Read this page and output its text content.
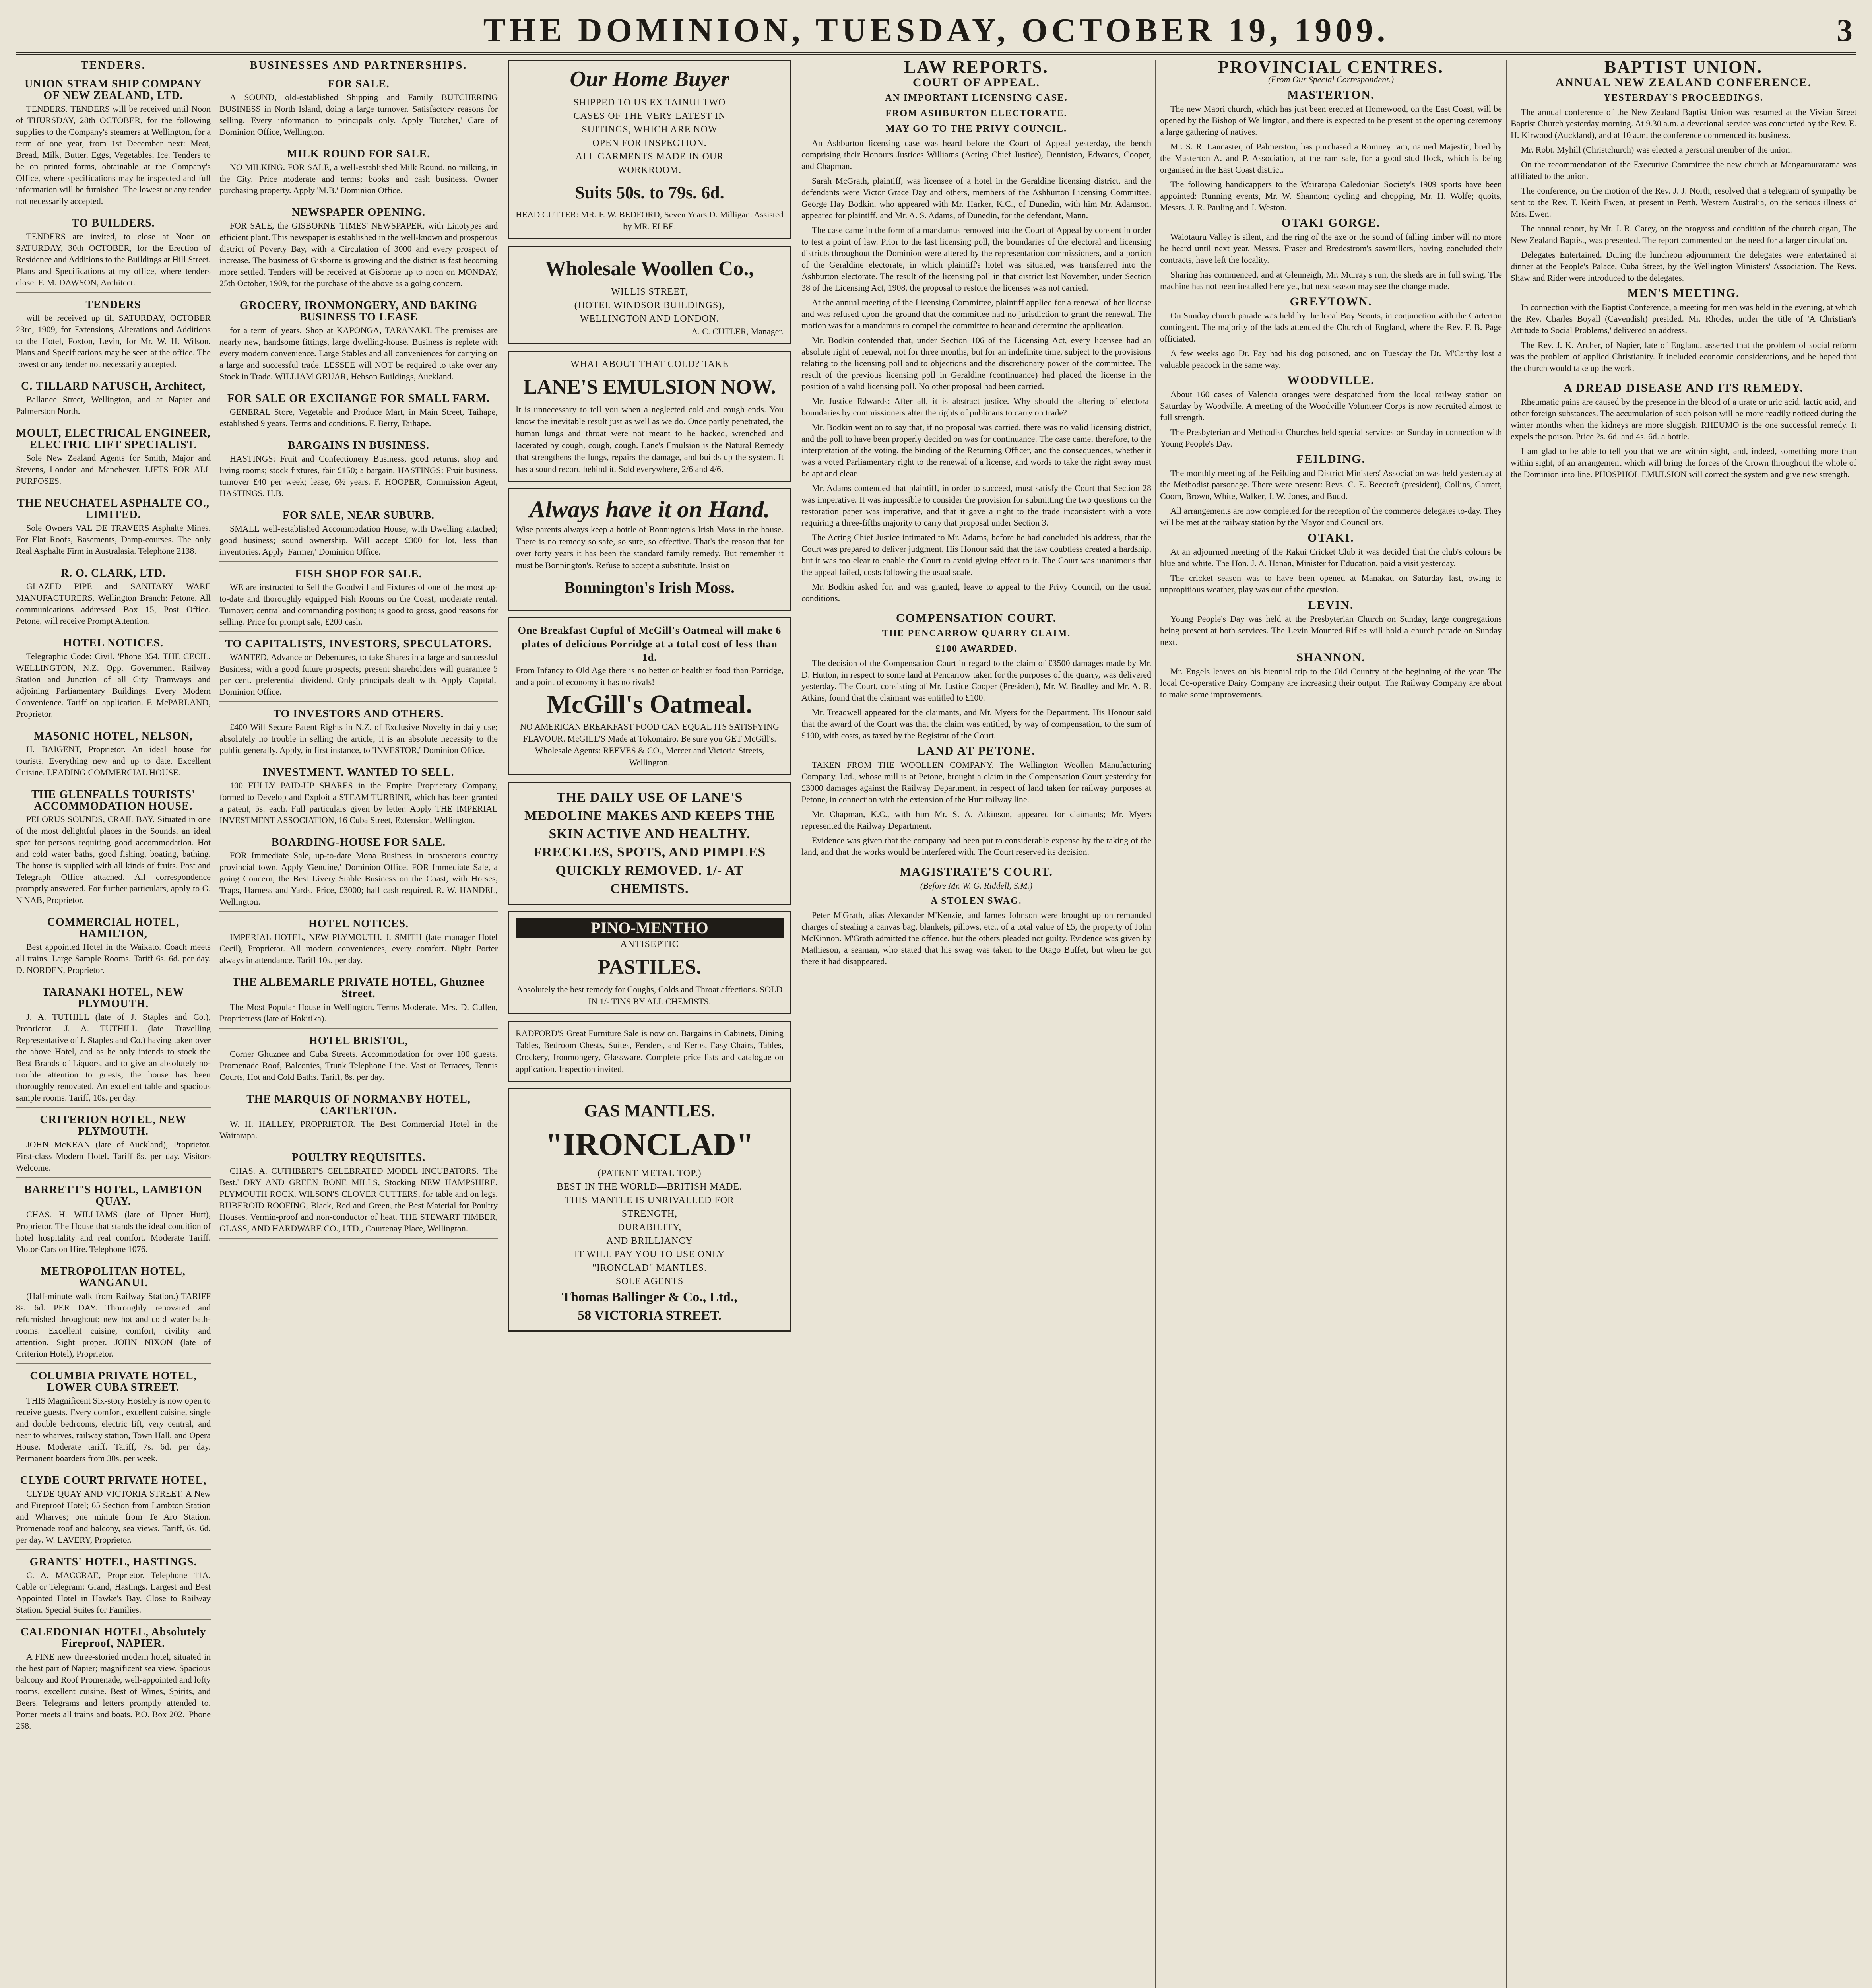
THE DOMINION, TUESDAY, OCTOBER 19, 1909.	3
TENDERS.
UNION STEAM SHIP COMPANY OF NEW ZEALAND, LTD.

TENDERS. TENDERS will be received until Noon of THURSDAY, 28th OCTOBER, for the following supplies to the Company's steamers at Wellington, for a term of one year, from 1st December next: Meat, Bread, Milk, Butter, Eggs, Vegetables, Ice. Tenders to be on printed forms, obtainable at the Company's Office, where specifications may be inspected and full information will be furnished. The lowest or any tender not necessarily accepted.

TO BUILDERS.

TENDERS are invited, to close at Noon on SATURDAY, 30th OCTOBER, for the Erection of Residence and Additions to the Buildings at Hill Street. Plans and Specifications at my office, where tenders close. F. M. DAWSON, Architect.

TENDERS

will be received up till SATURDAY, OCTOBER 23rd, 1909, for Extensions, Alterations and Additions to the Hotel, Foxton, Levin, for Mr. W. H. Wilson. Plans and Specifications may be seen at the office. The lowest or any tender not necessarily accepted.

C. TILLARD NATUSCH, Architect,

Ballance Street, Wellington, and at Napier and Palmerston North.

MOULT, ELECTRICAL ENGINEER, ELECTRIC LIFT SPECIALIST.

Sole New Zealand Agents for Smith, Major and Stevens, London and Manchester. LIFTS FOR ALL PURPOSES.

THE NEUCHATEL ASPHALTE CO., LIMITED.

Sole Owners VAL DE TRAVERS Asphalte Mines. For Flat Roofs, Basements, Damp-courses. The only Real Asphalte Firm in Australasia. Telephone 2138.

R. O. CLARK, LTD.

GLAZED PIPE and SANITARY WARE MANUFACTURERS. Wellington Branch: Petone. All communications addressed Box 15, Post Office, Petone, will receive Prompt Attention.

HOTEL NOTICES.

Telegraphic Code: Civil. 'Phone 354. THE CECIL, WELLINGTON, N.Z. Opp. Government Railway Station and Junction of all City Tramways and adjoining Parliamentary Buildings. Every Modern Convenience. Tariff on application. F. McPARLAND, Proprietor.

MASONIC HOTEL, NELSON,

H. BAIGENT, Proprietor. An ideal house for tourists. Everything new and up to date. Excellent Cuisine. LEADING COMMERCIAL HOUSE.

THE GLENFALLS TOURISTS' ACCOMMODATION HOUSE.

PELORUS SOUNDS, CRAIL BAY. Situated in one of the most delightful places in the Sounds, an ideal spot for persons requiring good accommodation. Hot and cold water baths, good fishing, boating, bathing. The house is supplied with all kinds of fruits. Post and Telegraph Office attached. All correspondence promptly answered. For further particulars, apply to G. N'NAB, Proprietor.

COMMERCIAL HOTEL, HAMILTON,

Best appointed Hotel in the Waikato. Coach meets all trains. Large Sample Rooms. Tariff 6s. 6d. per day. D. NORDEN, Proprietor.

TARANAKI HOTEL, NEW PLYMOUTH.

J. A. TUTHILL (late of J. Staples and Co.), Proprietor. J. A. TUTHILL (late Travelling Representative of J. Staples and Co.) having taken over the above Hotel, and as he only intends to stock the Best Brands of Liquors, and to give an absolutely no-trouble attention to guests, the house has been thoroughly renovated. An excellent table and spacious sample rooms. Tariff, 10s. per day.

CRITERION HOTEL, NEW PLYMOUTH.

JOHN McKEAN (late of Auckland), Proprietor. First-class Modern Hotel. Tariff 8s. per day. Visitors Welcome.

BARRETT'S HOTEL, LAMBTON QUAY.

CHAS. H. WILLIAMS (late of Upper Hutt), Proprietor. The House that stands the ideal condition of hotel hospitality and real comfort. Moderate Tariff. Motor-Cars on Hire. Telephone 1076.

METROPOLITAN HOTEL, WANGANUI.

(Half-minute walk from Railway Station.) TARIFF 8s. 6d. PER DAY. Thoroughly renovated and refurnished throughout; new hot and cold water bath-rooms. Excellent cuisine, comfort, civility and attention. Sight proper. JOHN NIXON (late of Criterion Hotel), Proprietor.

COLUMBIA PRIVATE HOTEL, LOWER CUBA STREET.

THIS Magnificent Six-story Hostelry is now open to receive guests. Every comfort, excellent cuisine, single and double bedrooms, electric lift, very central, and near to wharves, railway station, Town Hall, and Opera House. Moderate tariff. Tariff, 7s. 6d. per day. Permanent boarders from 30s. per week.

CLYDE COURT PRIVATE HOTEL,

CLYDE QUAY AND VICTORIA STREET. A New and Fireproof Hotel; 65 Section from Lambton Station and Wharves; one minute from Te Aro Station. Promenade roof and balcony, sea views. Tariff, 6s. 6d. per day. W. LAVERY, Proprietor.

GRANTS' HOTEL, HASTINGS.

C. A. MACCRAE, Proprietor. Telephone 11A. Cable or Telegram: Grand, Hastings. Largest and Best Appointed Hotel in Hawke's Bay. Close to Railway Station. Special Suites for Families.

CALEDONIAN HOTEL, Absolutely Fireproof, NAPIER.

A FINE new three-storied modern hotel, situated in the best part of Napier; magnificent sea view. Spacious balcony and Roof Promenade, well-appointed and lofty rooms, excellent cuisine. Best of Wines, Spirits, and Beers. Telegrams and letters promptly attended to. Porter meets all trains and boats. P.O. Box 202. 'Phone 268.

BUSINESSES AND PARTNERSHIPS.
FOR SALE.

A SOUND, old-established Shipping and Family BUTCHERING BUSINESS in North Island, doing a large turnover. Satisfactory reasons for selling. Every information to principals only. Apply 'Butcher,' Care of Dominion Office, Wellington.

MILK ROUND FOR SALE.

NO MILKING. FOR SALE, a well-established Milk Round, no milking, in the City. Price moderate and terms; books and cash business. Owner purchasing property. Apply 'M.B.' Dominion Office.

NEWSPAPER OPENING.

FOR SALE, the GISBORNE 'TIMES' NEWSPAPER, with Linotypes and efficient plant. This newspaper is established in the well-known and prosperous district of Poverty Bay, with a Circulation of 3000 and every prospect of increase. The business of Gisborne is growing and the district is fast becoming more settled. Tenders will be received at Gisborne up to noon on MONDAY, 25th October, 1909, for the purchase of the above as a going concern.

GROCERY, IRONMONGERY, AND BAKING BUSINESS TO LEASE

for a term of years. Shop at KAPONGA, TARANAKI. The premises are nearly new, handsome fittings, large dwelling-house. Business is replete with every modern convenience. Large Stables and all conveniences for carrying on a large and successful trade. LESSEE will NOT be required to take over any Stock in Trade. WILLIAM GRUAR, Hebson Buildings, Auckland.

FOR SALE OR EXCHANGE FOR SMALL FARM.

GENERAL Store, Vegetable and Produce Mart, in Main Street, Taihape, established 9 years. Terms and conditions. F. Berry, Taihape.

BARGAINS IN BUSINESS.

HASTINGS: Fruit and Confectionery Business, good returns, shop and living rooms; stock fixtures, fair £150; a bargain. HASTINGS: Fruit business, turnover £40 per week; lease, 6½ years. F. HOOPER, Commission Agent, HASTINGS, H.B.

FOR SALE, NEAR SUBURB.

SMALL well-established Accommodation House, with Dwelling attached; good business; sound ownership. Will accept £300 for lot, less than inventories. Apply 'Farmer,' Dominion Office.

FISH SHOP FOR SALE.

WE are instructed to Sell the Goodwill and Fixtures of one of the most up-to-date and thoroughly equipped Fish Rooms on the Coast; moderate rental. Turnover; central and commanding position; is good to gross, good reasons for selling. Price for prompt sale, £200 cash.

TO CAPITALISTS, INVESTORS, SPECULATORS.

WANTED, Advance on Debentures, to take Shares in a large and successful Business; with a good future prospects; present shareholders will guarantee 5 per cent. preferential dividend. Only principals dealt with. Apply 'Capital,' Dominion Office.

TO INVESTORS AND OTHERS.

£400 Will Secure Patent Rights in N.Z. of Exclusive Novelty in daily use; absolutely no trouble in selling the article; it is an absolute necessity to the public generally. Apply, in first instance, to 'INVESTOR,' Dominion Office.

INVESTMENT. WANTED TO SELL.

100 FULLY PAID-UP SHARES in the Empire Proprietary Company, formed to Develop and Exploit a STEAM TURBINE, which has been granted a patent; 5s. each. Full particulars given by letter. Apply THE IMPERIAL INVESTMENT ASSOCIATION, 16 Cuba Street, Extension, Wellington.

BOARDING-HOUSE FOR SALE.

FOR Immediate Sale, up-to-date Mona Business in prosperous country provincial town. Apply 'Genuine,' Dominion Office. FOR Immediate Sale, a going Concern, the Best Livery Stable Business on the Coast, with Horses, Traps, Harness and Yards. Price, £3000; half cash required. R. W. HANDEL, Wellington.

HOTEL NOTICES.

IMPERIAL HOTEL, NEW PLYMOUTH. J. SMITH (late manager Hotel Cecil), Proprietor. All modern conveniences, every comfort. Night Porter always in attendance. Tariff 10s. per day.

THE ALBEMARLE PRIVATE HOTEL, Ghuznee Street.

The Most Popular House in Wellington. Terms Moderate. Mrs. D. Cullen, Proprietress (late of Hokitika).

HOTEL BRISTOL,

Corner Ghuznee and Cuba Streets. Accommodation for over 100 guests. Promenade Roof, Balconies, Trunk Telephone Line. Vast of Terraces, Tennis Courts, Hot and Cold Baths. Tariff, 8s. per day.

THE MARQUIS OF NORMANBY HOTEL, CARTERTON.

W. H. HALLEY, PROPRIETOR. The Best Commercial Hotel in the Wairarapa.

POULTRY REQUISITES.

CHAS. A. CUTHBERT'S CELEBRATED MODEL INCUBATORS. 'The Best.' DRY AND GREEN BONE MILLS, Stocking NEW HAMPSHIRE, PLYMOUTH ROCK, WILSON'S CLOVER CUTTERS, for table and on legs. RUBEROID ROOFING, Black, Red and Green, the Best Material for Poultry Houses. Vermin-proof and non-conductor of heat. THE STEWART TIMBER, GLASS, AND HARDWARE CO., LTD., Courtenay Place, Wellington.

Our Home Buyer
SHIPPED TO US EX TAINUI TWO
CASES OF THE VERY LATEST IN
SUITINGS, WHICH ARE NOW
OPEN FOR INSPECTION.
ALL GARMENTS MADE IN OUR
WORKROOM.
Suits 50s. to 79s. 6d.
HEAD CUTTER: MR. F. W. BEDFORD, Seven Years D. Milligan. Assisted by MR. ELBE.
Wholesale Woollen Co.,
WILLIS STREET,
(HOTEL WINDSOR BUILDINGS),
WELLINGTON AND LONDON.
A. C. CUTLER, Manager.
WHAT ABOUT THAT COLD? TAKE
LANE'S EMULSION NOW.
It is unnecessary to tell you when a neglected cold and cough ends. You know the inevitable result just as well as we do. Once partly penetrated, the human lungs and throat were not meant to be hacked, wrenched and lacerated by cough, cough, cough. Lane's Emulsion is the Natural Remedy that strengthens the lungs, repairs the damage, and builds up the system. It has a sound record behind it. Sold everywhere, 2/6 and 4/6.
Always have it on Hand.
Wise parents always keep a bottle of Bonnington's Irish Moss in the house. There is no remedy so safe, so sure, so effective. That's the reason that for over forty years it has been the standard family remedy. But remember it must be Bonnington's. Refuse to accept a substitute. Insist on
Bonnington's Irish Moss.
One Breakfast Cupful of McGill's Oatmeal will make 6 plates of delicious Porridge at a total cost of less than 1d.
From Infancy to Old Age there is no better or healthier food than Porridge, and a point of economy it has no rivals!
McGill's Oatmeal.
NO AMERICAN BREAKFAST FOOD CAN EQUAL ITS SATISFYING FLAVOUR. McGILL'S Made at Tokomairo. Be sure you GET McGill's. Wholesale Agents: REEVES & CO., Mercer and Victoria Streets, Wellington.
THE DAILY USE OF LANE'S MEDOLINE MAKES AND KEEPS THE SKIN ACTIVE AND HEALTHY. FRECKLES, SPOTS, AND PIMPLES QUICKLY REMOVED. 1/- AT CHEMISTS.
PINO-MENTHO
ANTISEPTIC
PASTILES.
Absolutely the best remedy for Coughs, Colds and Throat affections. SOLD IN 1/- TINS BY ALL CHEMISTS.
RADFORD'S Great Furniture Sale is now on. Bargains in Cabinets, Dining Tables, Bedroom Chests, Suites, Fenders, and Kerbs, Easy Chairs, Tables, Crockery, Ironmongery, Glassware. Complete price lists and catalogue on application. Inspection invited.
GAS MANTLES.
"IRONCLAD"
(PATENT METAL TOP.)
BEST IN THE WORLD—BRITISH MADE.
THIS MANTLE IS UNRIVALLED FOR
STRENGTH,
DURABILITY,
AND BRILLIANCY
IT WILL PAY YOU TO USE ONLY
"IRONCLAD" MANTLES.
SOLE AGENTS
Thomas Ballinger & Co., Ltd.,
58 VICTORIA STREET.
LAW REPORTS.
COURT OF APPEAL.
AN IMPORTANT LICENSING CASE.
FROM ASHBURTON ELECTORATE.
MAY GO TO THE PRIVY COUNCIL.

An Ashburton licensing case was heard before the Court of Appeal yesterday, the bench comprising their Honours Justices Williams (Acting Chief Justice), Denniston, Edwards, Cooper, and Chapman.

Sarah McGrath, plaintiff, was licensee of a hotel in the Geraldine licensing district, and the defendants were Victor Grace Day and others, members of the Ashburton Licensing Committee. George Hay Bodkin, who appeared with Mr. Harker, K.C., of Dunedin, with him Mr. Adamson, appeared for plaintiff, and Mr. A. S. Adams, of Dunedin, for the defendant, Mann.

The case came in the form of a mandamus removed into the Court of Appeal by consent in order to test a point of law. Prior to the last licensing poll, the boundaries of the electoral and licensing districts throughout the Dominion were altered by the representation commissioners, and a portion of the Geraldine electorate, in which plaintiff's hotel was situated, was transferred into the Ashburton electorate. The result of the licensing poll in that district last November, under Section 38 of the Licensing Act, 1908, the proposal to restore the licenses was not carried.

At the annual meeting of the Licensing Committee, plaintiff applied for a renewal of her license and was refused upon the ground that the committee had no jurisdiction to grant the renewal. The motion was for a mandamus to compel the committee to hear and determine the application.

Mr. Bodkin contended that, under Section 106 of the Licensing Act, every licensee had an absolute right of renewal, not for three months, but for an indefinite time, subject to the provisions relating to the licensing poll and to objections and the discretionary power of the committee. The result of the previous licensing poll in Geraldine (continuance) had placed the license in the position of a valid licensing poll. No other proposal had been carried.

Mr. Justice Edwards: After all, it is abstract justice. Why should the altering of electoral boundaries by commissioners alter the rights of publicans to carry on trade?

Mr. Bodkin went on to say that, if no proposal was carried, there was no valid licensing district, and the poll to have been properly decided on was for continuance. The case came, therefore, to the interpretation of the voting, the binding of the Returning Officer, and the consequences, whether it was a voted Parliamentary right to the renewal of a license, and words to take the right away must be apt and clear.

Mr. Adams contended that plaintiff, in order to succeed, must satisfy the Court that Section 28 was imperative. It was impossible to consider the provision for submitting the two questions on the restoration paper was imperative, and that it gave a right to the trade inconsistent with a vote requiring a three-fifths majority to carry that proposal under Section 3.

The Acting Chief Justice intimated to Mr. Adams, before he had concluded his address, that the Court was prepared to deliver judgment. His Honour said that the law doubtless created a hardship, but it was too clear to enable the Court to avoid giving effect to it. The Court was unanimous that the appeal failed, costs following the usual scale.

Mr. Bodkin asked for, and was granted, leave to appeal to the Privy Council, on the usual conditions.

COMPENSATION COURT.
THE PENCARROW QUARRY CLAIM.
£100 AWARDED.

The decision of the Compensation Court in regard to the claim of £3500 damages made by Mr. D. Hutton, in respect to some land at Pencarrow taken for the purposes of the quarry, was delivered yesterday. The Court, consisting of Mr. Justice Cooper (President), Mr. W. Bradley and Mr. A. R. Atkins, found that the claimant was entitled to £100.

Mr. Treadwell appeared for the claimants, and Mr. Myers for the Department. His Honour said that the award of the Court was that the claim was entitled, by way of compensation, to the sum of £100, with costs, as taxed by the Registrar of the Court.

LAND AT PETONE.

TAKEN FROM THE WOOLLEN COMPANY. The Wellington Woollen Manufacturing Company, Ltd., whose mill is at Petone, brought a claim in the Compensation Court yesterday for £3000 damages against the Railway Department, in respect of land taken for railway purposes at Petone, in connection with the extension of the Hutt railway line.

Mr. Chapman, K.C., with him Mr. S. A. Atkinson, appeared for claimants; Mr. Myers represented the Railway Department.

Evidence was given that the company had been put to considerable expense by the taking of the land, and that the works would be interfered with. The Court reserved its decision.

MAGISTRATE'S COURT.
(Before Mr. W. G. Riddell, S.M.)
A STOLEN SWAG.

Peter M'Grath, alias Alexander M'Kenzie, and James Johnson were brought up on remanded charges of stealing a canvas bag, blankets, pillows, etc., of a total value of £5, the property of John McKinnon. M'Grath admitted the offence, but the others pleaded not guilty. Evidence was given by Mathieson, a seaman, who stated that his swag was taken to the Otago Buffet, but when he got there it had disappeared.

PROVINCIAL CENTRES.
(From Our Special Correspondent.)
MASTERTON.

The new Maori church, which has just been erected at Homewood, on the East Coast, will be opened by the Bishop of Wellington, and there is expected to be present at the opening ceremony a large gathering of natives.

Mr. S. R. Lancaster, of Palmerston, has purchased a Romney ram, named Majestic, bred by the Masterton A. and P. Association, at the ram sale, for a good stud flock, which is being organised in the East Coast district.

The following handicappers to the Wairarapa Caledonian Society's 1909 sports have been appointed: Running events, Mr. W. Shannon; cycling and chopping, Mr. H. Wolfe; quoits, Messrs. J. R. Pauling and J. Weston.

OTAKI GORGE.

Waiotauru Valley is silent, and the ring of the axe or the sound of falling timber will no more be heard until next year. Messrs. Fraser and Bredestrom's sawmillers, having concluded their contracts, have left the locality.

Sharing has commenced, and at Glenneigh, Mr. Murray's run, the sheds are in full swing. The machine has not been installed here yet, but next season may see the change made.

GREYTOWN.

On Sunday church parade was held by the local Boy Scouts, in conjunction with the Carterton contingent. The majority of the lads attended the Church of England, where the Rev. F. B. Page officiated.

A few weeks ago Dr. Fay had his dog poisoned, and on Tuesday the Dr. M'Carthy lost a valuable peacock in the same way.

WOODVILLE.

About 160 cases of Valencia oranges were despatched from the local railway station on Saturday by Woodville. A meeting of the Woodville Volunteer Corps is now recruited almost to full strength.

The Presbyterian and Methodist Churches held special services on Sunday in connection with Young People's Day.

FEILDING.

The monthly meeting of the Feilding and District Ministers' Association was held yesterday at the Methodist parsonage. There were present: Revs. C. E. Beecroft (president), Collins, Garrett, Coom, Brown, White, Walker, J. W. Jones, and Budd.

All arrangements are now completed for the reception of the commerce delegates to-day. They will be met at the railway station by the Mayor and Councillors.

OTAKI.

At an adjourned meeting of the Rakui Cricket Club it was decided that the club's colours be blue and white. The Hon. J. A. Hanan, Minister for Education, paid a visit yesterday.

The cricket season was to have been opened at Manakau on Saturday last, owing to unpropitious weather, play was out of the question.

LEVIN.

Young People's Day was held at the Presbyterian Church on Sunday, large congregations being present at both services. The Levin Mounted Rifles will hold a church parade on Sunday next.

SHANNON.

Mr. Engels leaves on his biennial trip to the Old Country at the beginning of the year. The local Co-operative Dairy Company are increasing their output. The Railway Company are about to make some improvements.

BAPTIST UNION.
ANNUAL NEW ZEALAND CONFERENCE.
YESTERDAY'S PROCEEDINGS.

The annual conference of the New Zealand Baptist Union was resumed at the Vivian Street Baptist Church yesterday morning. At 9.30 a.m. a devotional service was conducted by the Rev. E. H. Kirwood (Auckland), and at 10 a.m. the conference commenced its business.

Mr. Robt. Myhill (Christchurch) was elected a personal member of the union.

On the recommendation of the Executive Committee the new church at Mangaraurarama was affiliated to the union.

The conference, on the motion of the Rev. J. J. North, resolved that a telegram of sympathy be sent to the Rev. T. Keith Ewen, at present in Perth, Western Australia, on the serious illness of Mrs. Ewen.

The annual report, by Mr. J. R. Carey, on the progress and condition of the church organ, The New Zealand Baptist, was presented. The report commented on the need for a larger circulation.

Delegates Entertained. During the luncheon adjournment the delegates were entertained at dinner at the People's Palace, Cuba Street, by the Wellington Ministers' Association. The Revs. Shaw and Rider were introduced to the delegates.

MEN'S MEETING.

In connection with the Baptist Conference, a meeting for men was held in the evening, at which the Rev. Charles Boyall (Cavendish) presided. Mr. Rhodes, under the title of 'A Christian's Attitude to Social Problems,' delivered an address.

The Rev. J. K. Archer, of Napier, late of England, asserted that the problem of social reform was the problem of applied Christianity. It included economic considerations, and he hoped that the church would take up the work.

A DREAD DISEASE AND ITS REMEDY.

Rheumatic pains are caused by the presence in the blood of a urate or uric acid, lactic acid, and other foreign substances. The accumulation of such poison will be more readily noticed during the winter months when the kidneys are more sluggish. RHEUMO is the one successful remedy. It expels the poison. Price 2s. 6d. and 4s. 6d. a bottle.

I am glad to be able to tell you that we are within sight, and, indeed, something more than within sight, of an arrangement which will bring the forces of the Crown throughout the whole of the Dominion into line. PHOSPHOL EMULSION will correct the system and give new strength.
